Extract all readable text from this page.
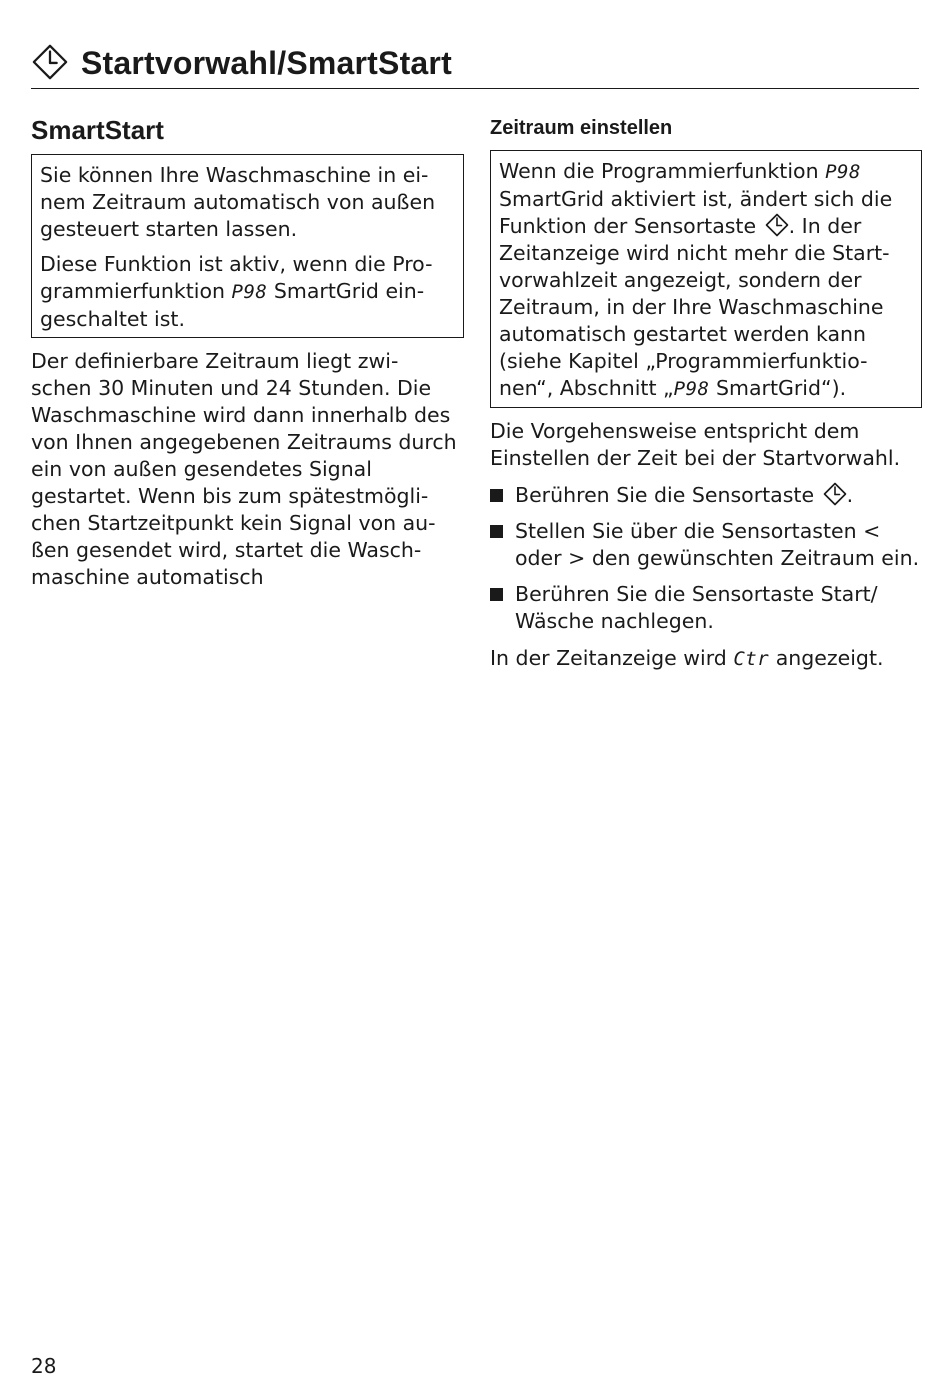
Startvorwahl/SmartStart
SmartStart

Sie können Ihre Waschmaschine in ei- nem Zeitraum automatisch von außen gesteuert starten lassen.

Diese Funktion ist aktiv, wenn die Pro- grammierfunktion P98 SmartGrid ein- geschaltet ist.

Der definierbare Zeitraum liegt zwi- schen 30 Minuten und 24 Stunden. Die Waschmaschine wird dann innerhalb des von Ihnen angegebenen Zeitraums durch ein von außen gesendetes Signal gestartet. Wenn bis zum spätestmögli- chen Startzeitpunkt kein Signal von au- ßen gesendet wird, startet die Wasch- maschine automatisch

Zeitraum einstellen

Wenn die Programmierfunktion P98 SmartGrid aktiviert ist, ändert sich die Funktion der Sensortaste . In der Zeitanzeige wird nicht mehr die Start- vorwahlzeit angezeigt, sondern der Zeitraum, in der Ihre Waschmaschine automatisch gestartet werden kann (siehe Kapitel „Programmierfunktio- nen“, Abschnitt „P98 SmartGrid“).

Die Vorgehensweise entspricht dem Einstellen der Zeit bei der Startvorwahl.

Berühren Sie die Sensortaste .
Stellen Sie über die Sensortasten < oder > den gewünschten Zeitraum ein.
Berühren Sie die Sensortaste Start/ Wäsche nachlegen.

In der Zeitanzeige wird Ctr angezeigt.

28
